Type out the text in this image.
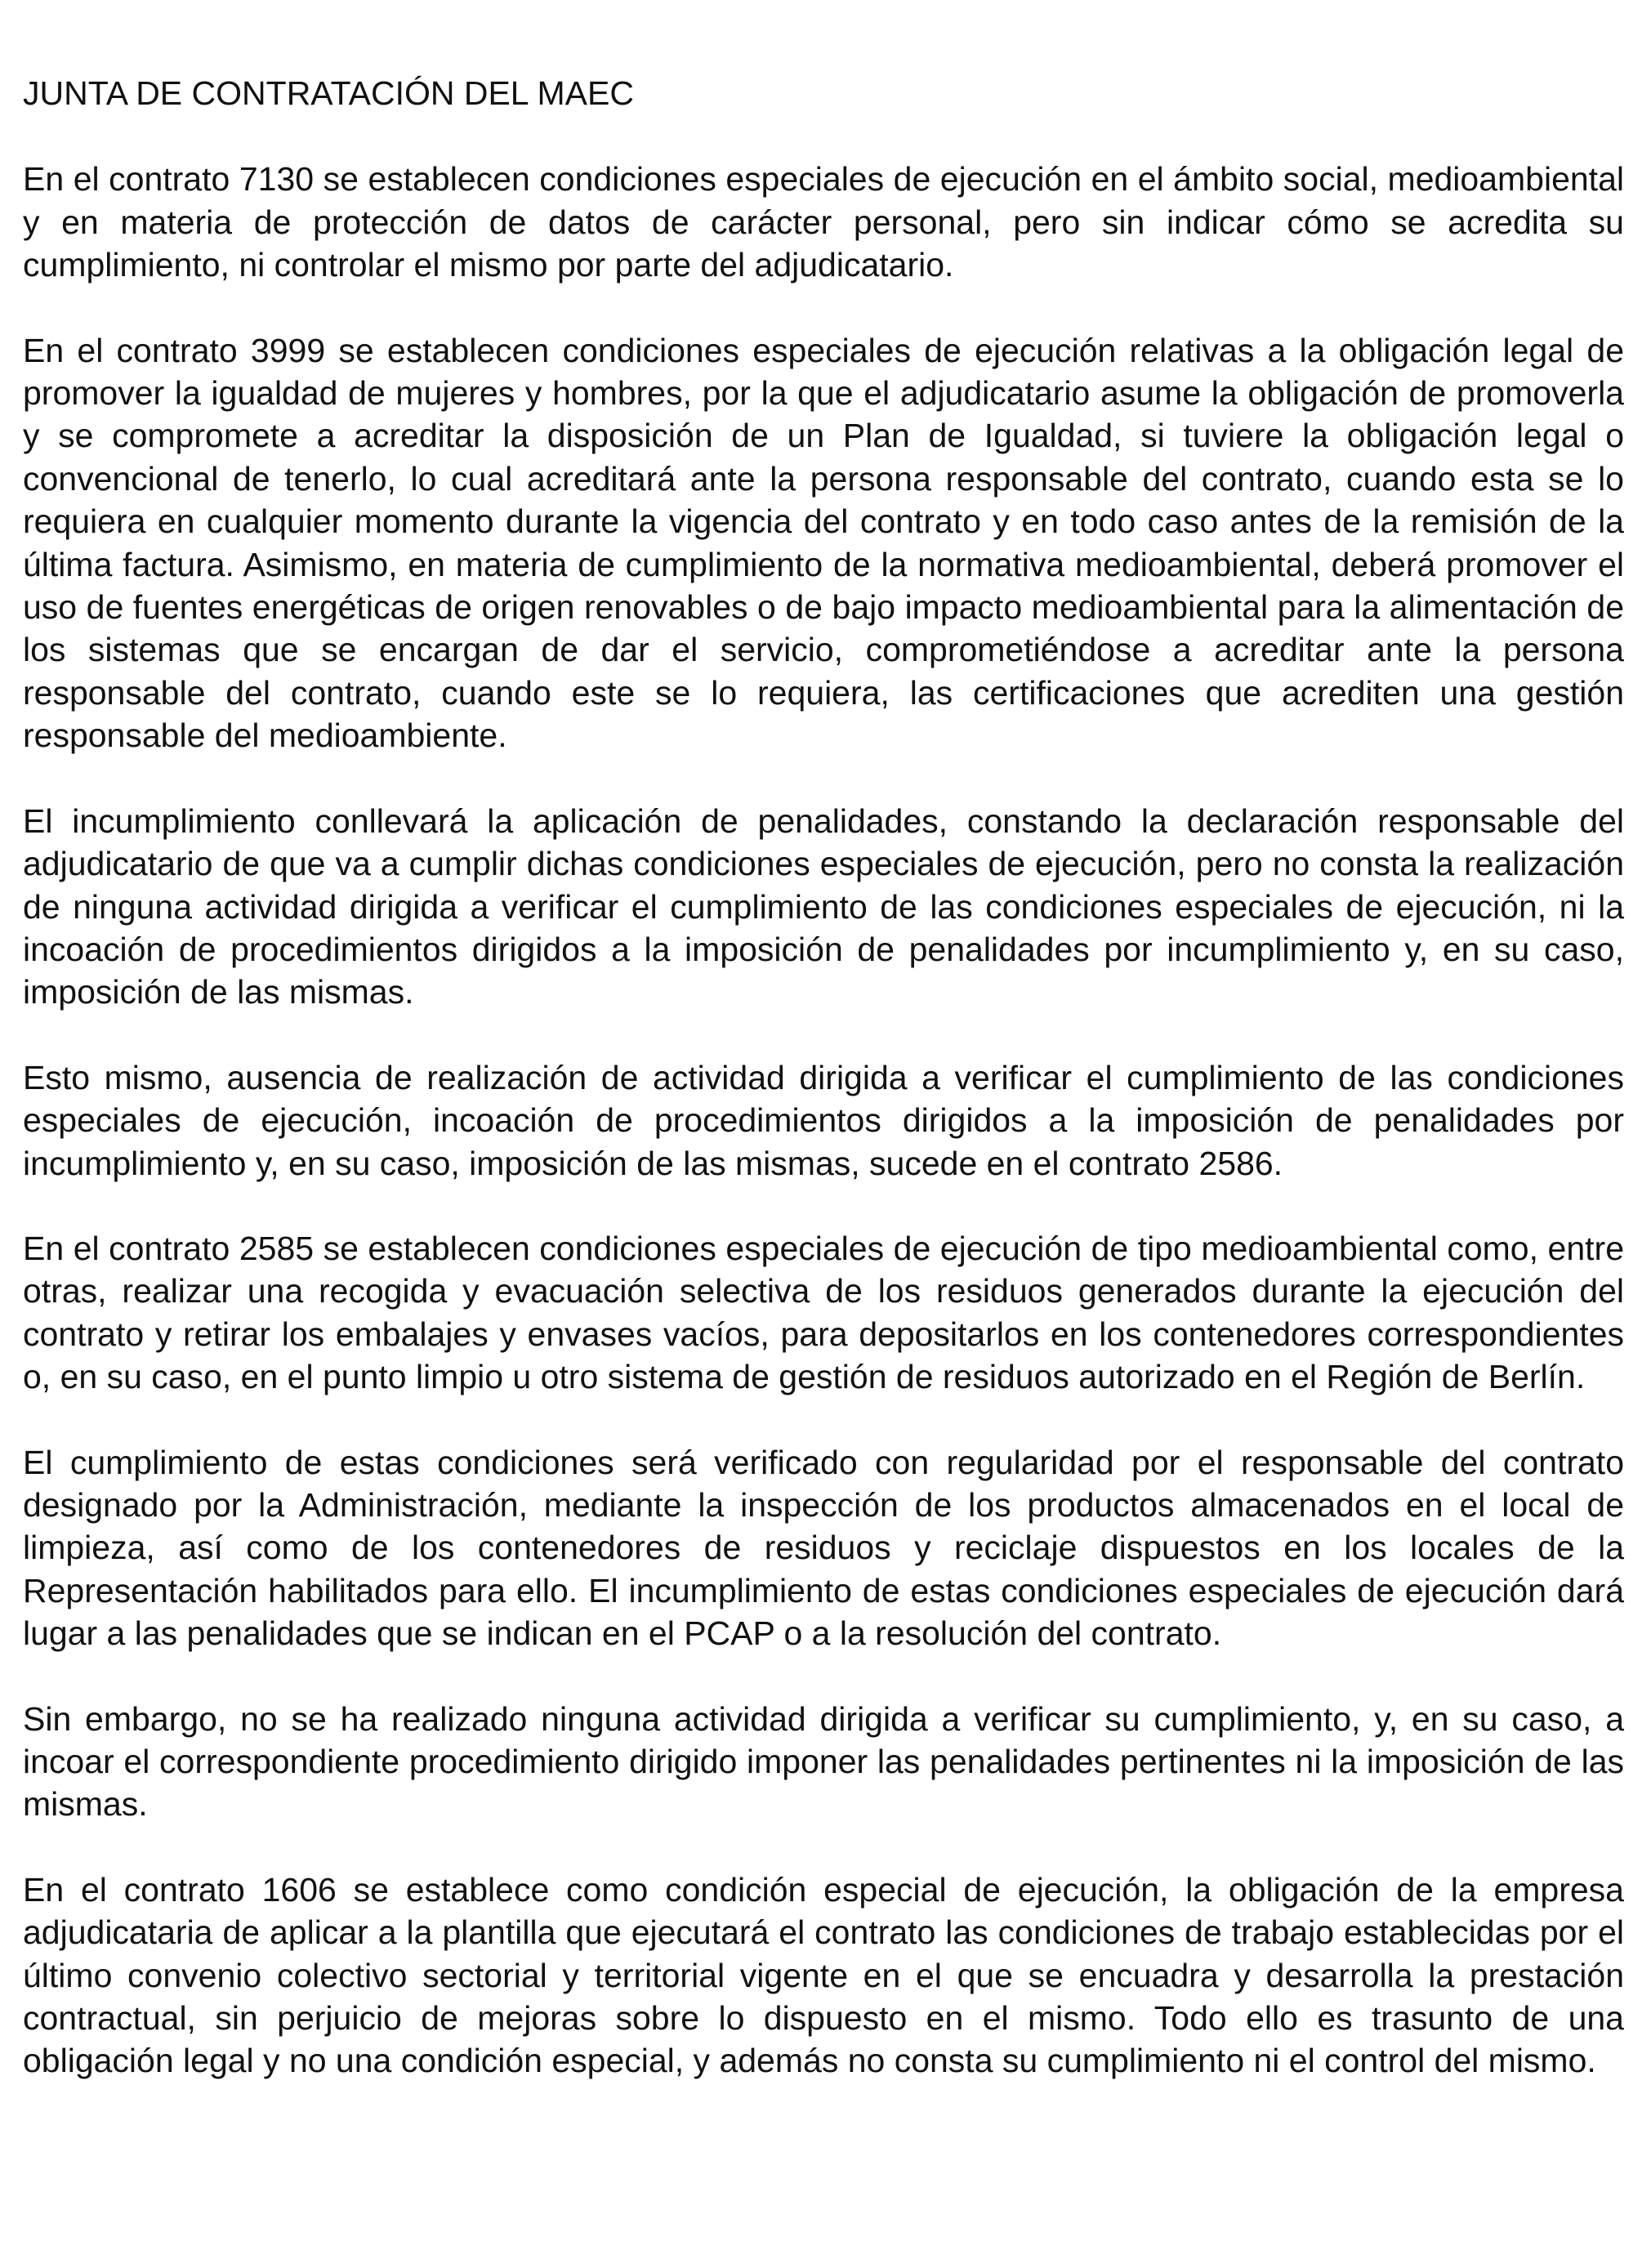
JUNTA DE CONTRATACIÓN DEL MAEC

En el contrato 7130 se establecen condiciones especiales de ejecución en el ámbito social, medioambiental y en materia de protección de datos de carácter personal, pero sin indicar cómo se acredita su cumplimiento, ni controlar el mismo por parte del adjudicatario.

En el contrato 3999 se establecen condiciones especiales de ejecución relativas a la obligación legal de promover la igualdad de mujeres y hombres, por la que el adjudicatario asume la obligación de promoverla y se compromete a acreditar la disposición de un Plan de Igualdad, si tuviere la obligación legal o convencional de tenerlo, lo cual acreditará ante la persona responsable del contrato, cuando esta se lo requiera en cualquier momento durante la vigencia del contrato y en todo caso antes de la remisión de la última factura. Asimismo, en materia de cumplimiento de la normativa medioambiental, deberá promover el uso de fuentes energéticas de origen renovables o de bajo impacto medioambiental para la alimentación de los sistemas que se encargan de dar el servicio, comprometiéndose a acreditar ante la persona responsable del contrato, cuando este se lo requiera, las certificaciones que acrediten una gestión responsable del medioambiente.

El incumplimiento conllevará la aplicación de penalidades, constando la declaración responsable del adjudicatario de que va a cumplir dichas condiciones especiales de ejecución, pero no consta la realización de ninguna actividad dirigida a verificar el cumplimiento de las condiciones especiales de ejecución, ni la incoación de procedimientos dirigidos a la imposición de penalidades por incumplimiento y, en su caso, imposición de las mismas.

Esto mismo, ausencia de realización de actividad dirigida a verificar el cumplimiento de las condiciones especiales de ejecución, incoación de procedimientos dirigidos a la imposición de penalidades por incumplimiento y, en su caso, imposición de las mismas, sucede en el contrato 2586.

En el contrato 2585 se establecen condiciones especiales de ejecución de tipo medioambiental como, entre otras, realizar una recogida y evacuación selectiva de los residuos generados durante la ejecución del contrato y retirar los embalajes y envases vacíos, para depositarlos en los contenedores correspondientes o, en su caso, en el punto limpio u otro sistema de gestión de residuos autorizado en el Región de Berlín.

El cumplimiento de estas condiciones será verificado con regularidad por el responsable del contrato designado por la Administración, mediante la inspección de los productos almacenados en el local de limpieza, así como de los contenedores de residuos y reciclaje dispuestos en los locales de la Representación habilitados para ello. El incumplimiento de estas condiciones especiales de ejecución dará lugar a las penalidades que se indican en el PCAP o a la resolución del contrato.

Sin embargo, no se ha realizado ninguna actividad dirigida a verificar su cumplimiento, y, en su caso, a incoar el correspondiente procedimiento dirigido imponer las penalidades pertinentes ni la imposición de las mismas.

En el contrato 1606 se establece como condición especial de ejecución, la obligación de la empresa adjudicataria de aplicar a la plantilla que ejecutará el contrato las condiciones de trabajo establecidas por el último convenio colectivo sectorial y territorial vigente en el que se encuadra y desarrolla la prestación contractual, sin perjuicio de mejoras sobre lo dispuesto en el mismo. Todo ello es trasunto de una obligación legal y no una condición especial, y además no consta su cumplimiento ni el control del mismo.
